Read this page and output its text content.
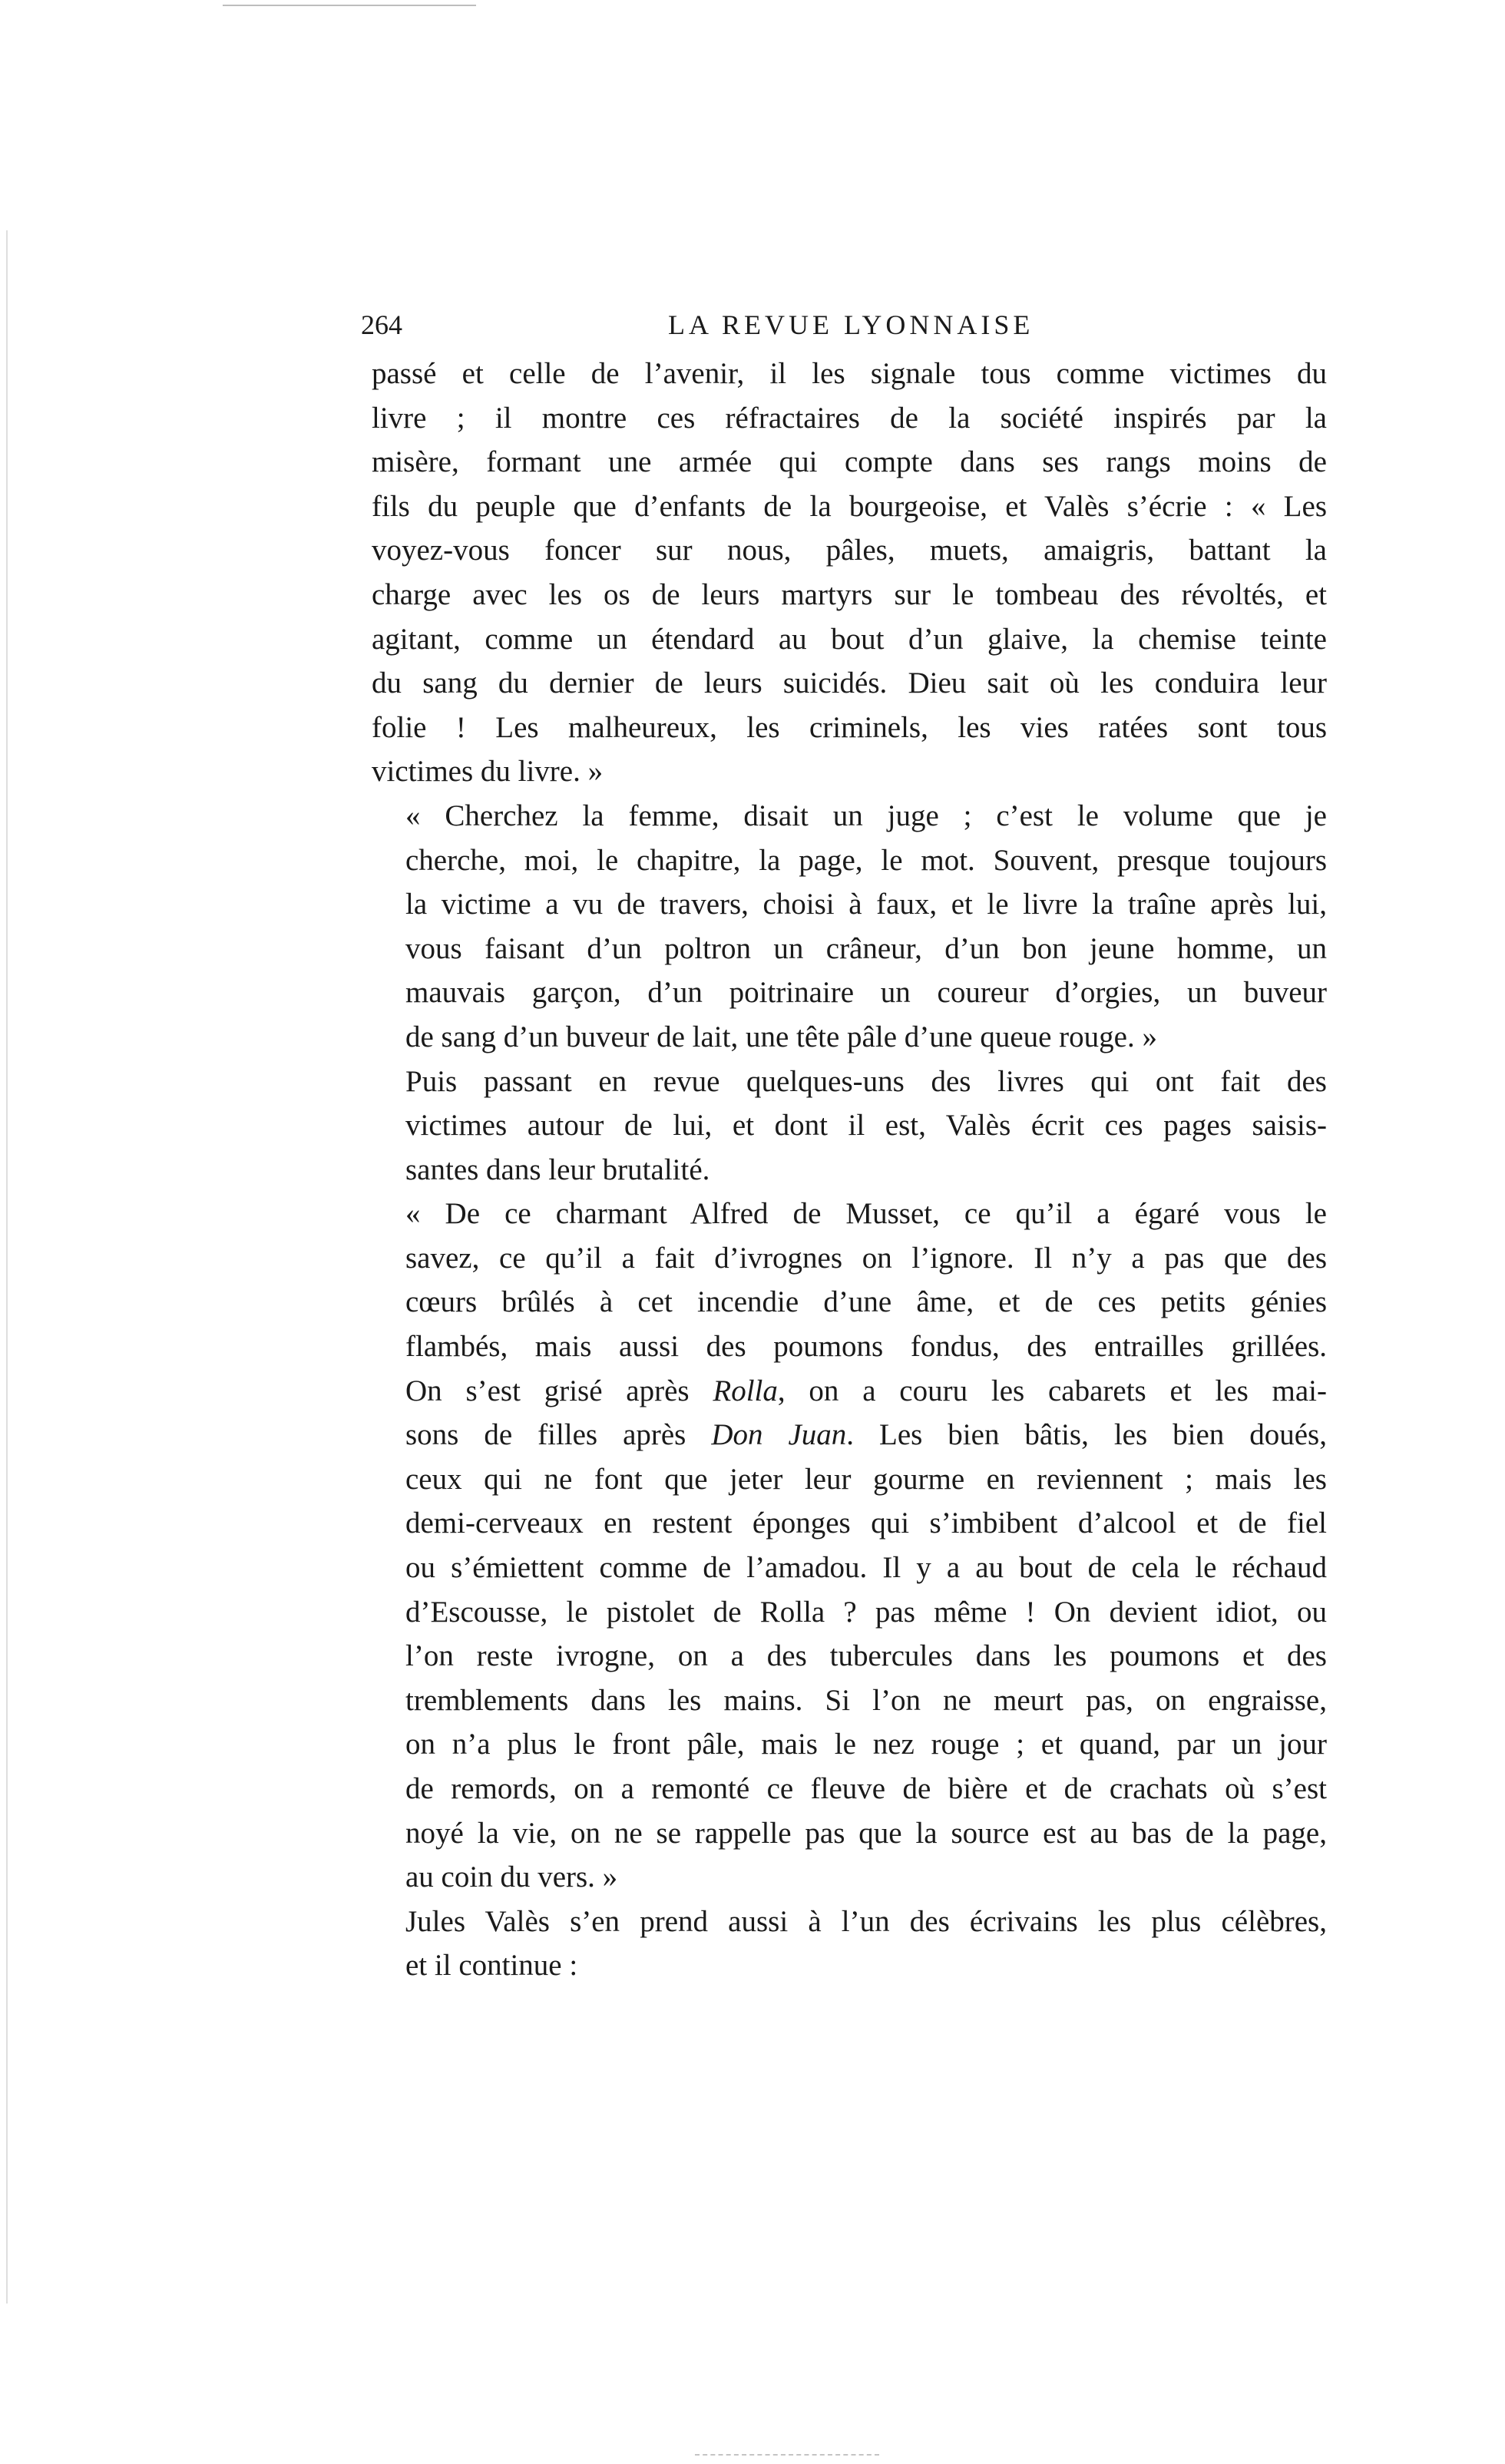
264	LA REVUE LYONNAISE

passé et celle de l’avenir, il les signale tous comme victimes du
livre ; il montre ces réfractaires de la société inspirés par la
misère, formant une armée qui compte dans ses rangs moins de
fils du peuple que d’enfants de la bourgeoise, et Valès s’écrie : « Les
voyez-vous foncer sur nous, pâles, muets, amaigris, battant la
charge avec les os de leurs martyrs sur le tombeau des révoltés, et
agitant, comme un étendard au bout d’un glaive, la chemise teinte
du sang du dernier de leurs suicidés. Dieu sait où les conduira leur
folie ! Les malheureux, les criminels, les vies ratées sont tous
victimes du livre. »

« Cherchez la femme, disait un juge ; c’est le volume que je
cherche, moi, le chapitre, la page, le mot. Souvent, presque toujours
la victime a vu de travers, choisi à faux, et le livre la traîne après lui,
vous faisant d’un poltron un crâneur, d’un bon jeune homme, un
mauvais garçon, d’un poitrinaire un coureur d’orgies, un buveur
de sang d’un buveur de lait, une tête pâle d’une queue rouge. »

Puis passant en revue quelques-uns des livres qui ont fait des
victimes autour de lui, et dont il est, Valès écrit ces pages saisis-
santes dans leur brutalité.

« De ce charmant Alfred de Musset, ce qu’il a égaré vous le
savez, ce qu’il a fait d’ivrognes on l’ignore. Il n’y a pas que des
cœurs brûlés à cet incendie d’une âme, et de ces petits génies
flambés, mais aussi des poumons fondus, des entrailles grillées.
On s’est grisé après Rolla, on a couru les cabarets et les mai-
sons de filles après Don Juan. Les bien bâtis, les bien doués,
ceux qui ne font que jeter leur gourme en reviennent ; mais les
demi-cerveaux en restent éponges qui s’imbibent d’alcool et de fiel
ou s’émiettent comme de l’amadou. Il y a au bout de cela le réchaud
d’Escousse, le pistolet de Rolla ? pas même ! On devient idiot, ou
l’on reste ivrogne, on a des tubercules dans les poumons et des
tremblements dans les mains. Si l’on ne meurt pas, on engraisse,
on n’a plus le front pâle, mais le nez rouge ; et quand, par un jour
de remords, on a remonté ce fleuve de bière et de crachats où s’est
noyé la vie, on ne se rappelle pas que la source est au bas de la page,
au coin du vers. »

Jules Valès s’en prend aussi à l’un des écrivains les plus célèbres,
et il continue :
